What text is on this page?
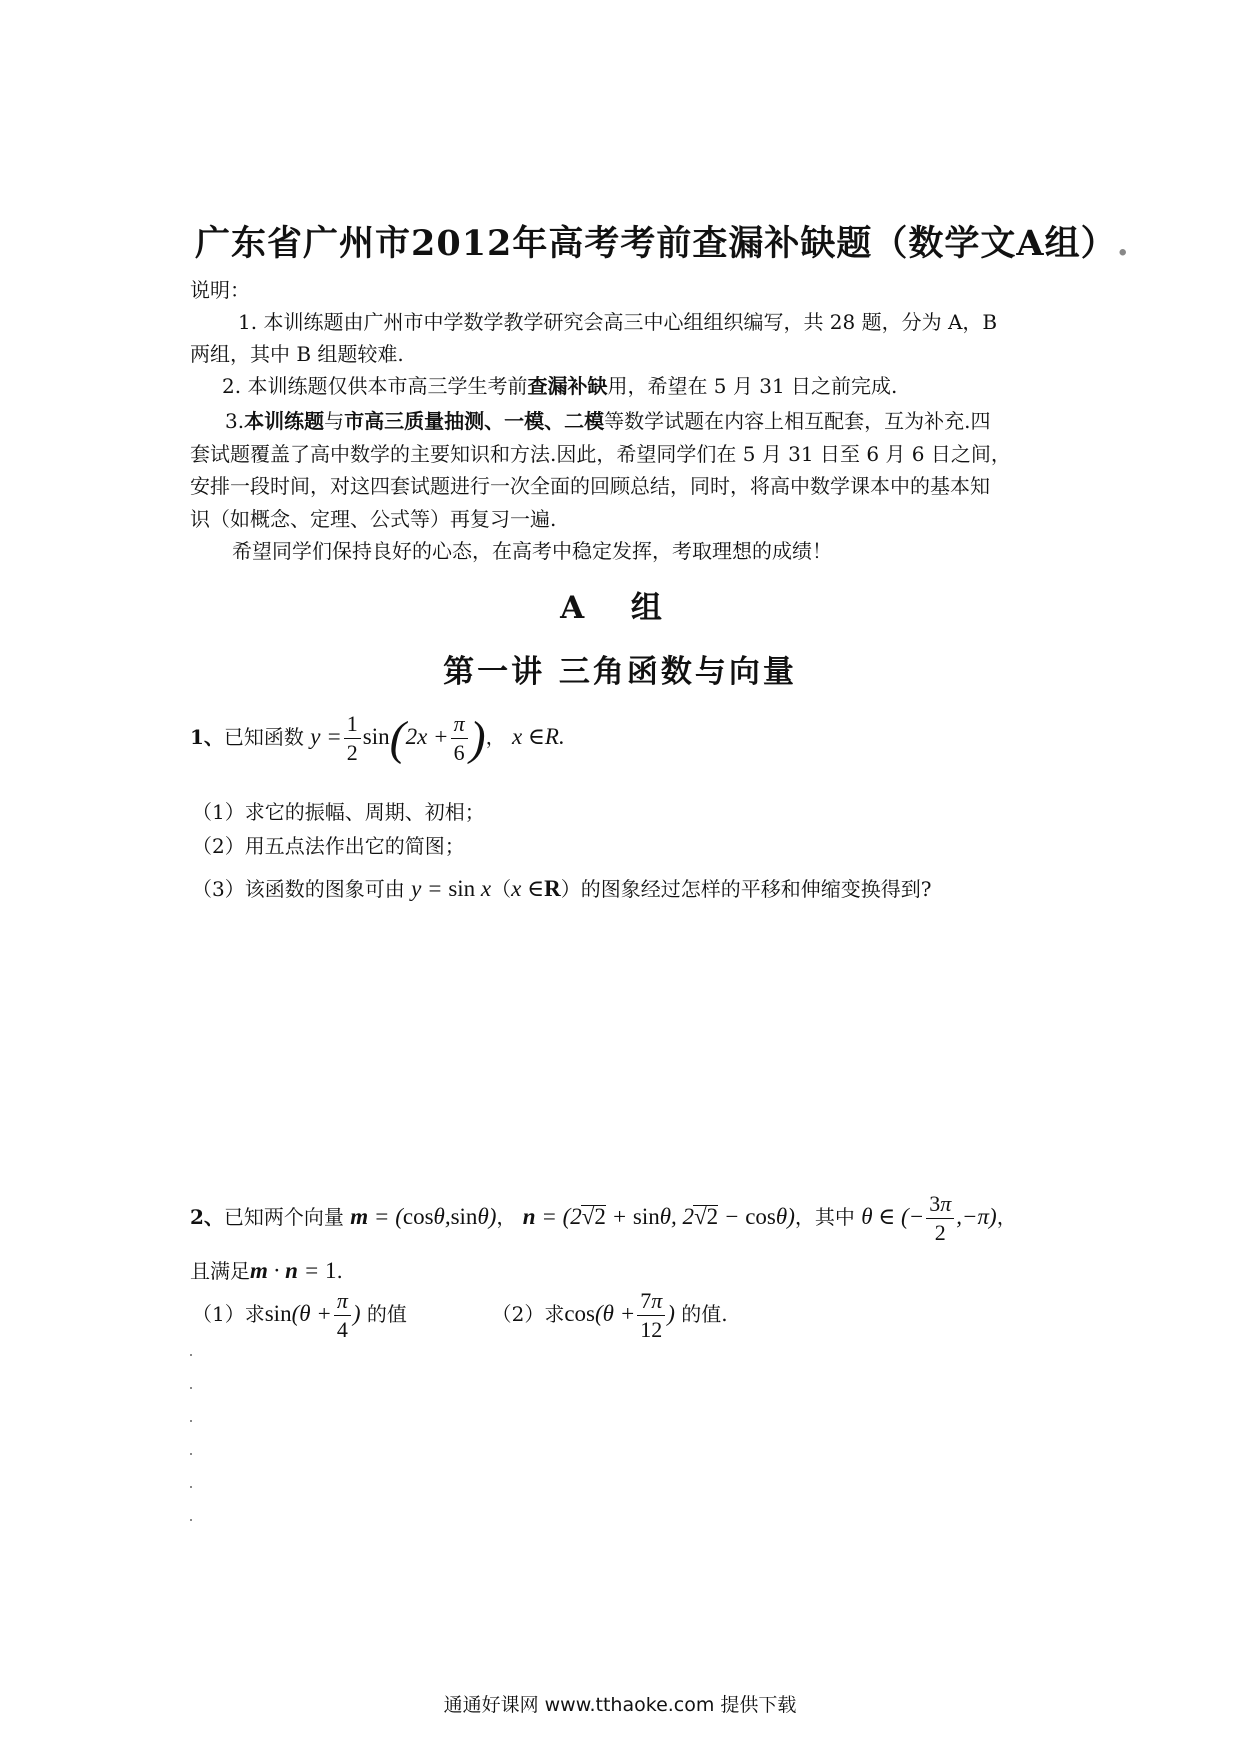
广东省广州市2012年高考考前查漏补缺题（数学文A组）.
说明：
1. 本训练题由广州市中学数学教学研究会高三中心组组织编写，共 28 题，分为 A，B
两组，其中 B 组题较难.
2. 本训练题仅供本市高三学生考前查漏补缺用，希望在 5 月 31 日之前完成.
3.本训练题与市高三质量抽测、一模、二模等数学试题在内容上相互配套，互为补充.四
套试题覆盖了高中数学的主要知识和方法.因此，希望同学们在 5 月 31 日至 6 月 6 日之间，
安排一段时间，对这四套试题进行一次全面的回顾总结，同时，将高中数学课本中的基本知
识（如概念、定理、公式等）再复习一遍.
希望同学们保持良好的心态，在高考中稳定发挥，考取理想的成绩！
A 组
第一讲 三角函数与向量
1、已知函数 $y = \frac{1}{2} \sin(2x + \frac{\pi}{6}$ )， x ∈R.
（1）求它的振幅、周期、初相；
（2）用五点法作出它的简图；
（3）该函数的图象可由 y = sin x（x ∈R）的图象经过怎样的平移和伸缩变换得到?
2、已知两个向量 m = (cosθ,sinθ)， n = (2√2 + sinθ, 2√2 − cosθ)，其中 θ ∈ (− $\frac{3\pi}{2} ,-\pi$)，
且满足m · n = 1.
（1）求$\sin(\theta + \frac{\pi}{4}$ ) 的值	（2）求$\cos(\theta + \frac{7\pi}{12}$ ) 的值.
通通好课网 www.tthaoke.com 提供下载
